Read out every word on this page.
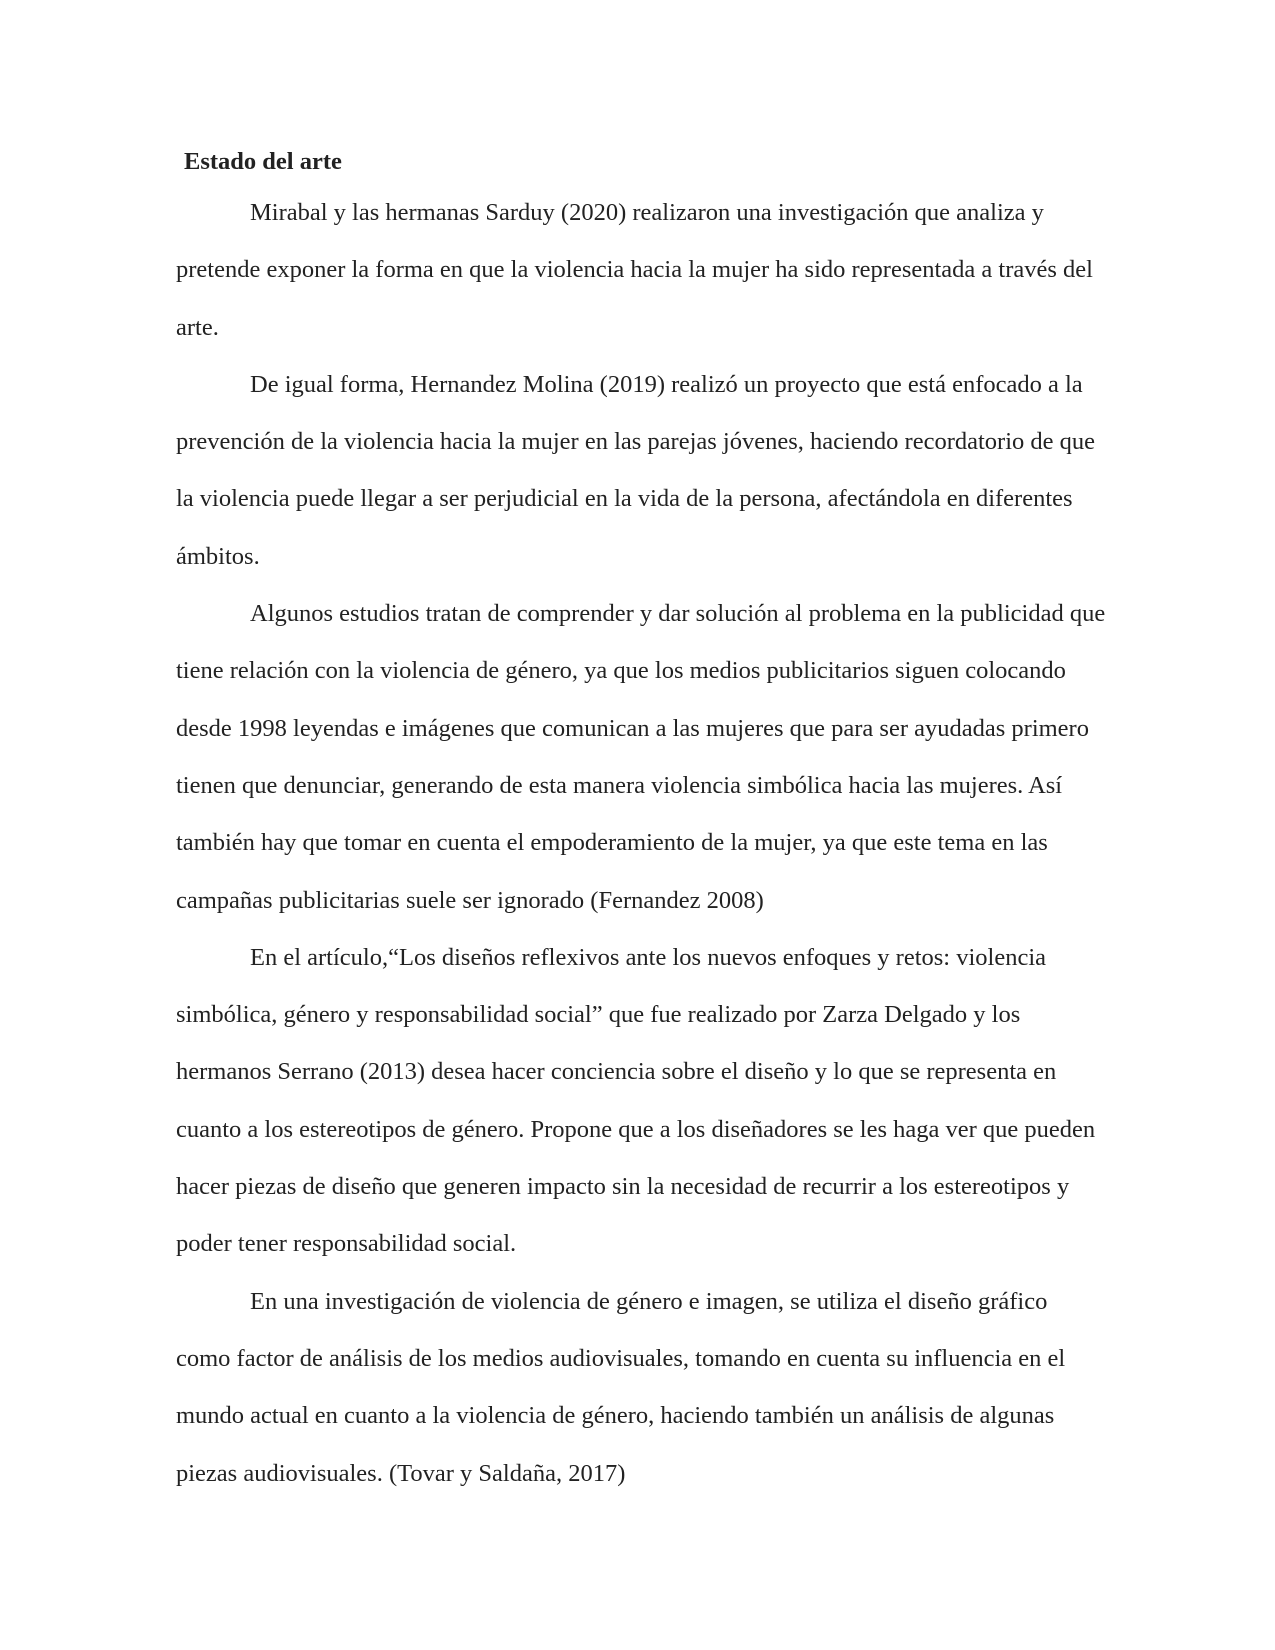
Estado del arte

Mirabal y las hermanas Sarduy (2020) realizaron una investigación que analiza y pretende exponer la forma en que la violencia hacia la mujer ha sido representada a través del arte.

De igual forma, Hernandez Molina (2019) realizó un proyecto que está enfocado a la prevención de la violencia hacia la mujer en las parejas jóvenes, haciendo recordatorio de que la violencia puede llegar a ser perjudicial en la vida de la persona, afectándola en diferentes ámbitos.

Algunos estudios tratan de comprender y dar solución al problema en la publicidad que tiene relación con la violencia de género, ya que los medios publicitarios siguen colocando desde 1998 leyendas e imágenes que comunican a las mujeres que para ser ayudadas primero tienen que denunciar, generando de esta manera violencia simbólica hacia las mujeres. Así también hay que tomar en cuenta el empoderamiento de la mujer, ya que este tema en las campañas publicitarias suele ser ignorado (Fernandez 2008)

En el artículo,“Los diseños reflexivos ante los nuevos enfoques y retos: violencia simbólica, género y responsabilidad social” que fue realizado por Zarza Delgado y los hermanos Serrano (2013) desea hacer conciencia sobre el diseño y lo que se representa en cuanto a los estereotipos de género. Propone que a los diseñadores se les haga ver que pueden hacer piezas de diseño que generen impacto sin la necesidad de recurrir a los estereotipos y poder tener responsabilidad social.

En una investigación de violencia de género e imagen, se utiliza el diseño gráfico como factor de análisis de los medios audiovisuales, tomando en cuenta su influencia en el mundo actual en cuanto a la violencia de género, haciendo también un análisis de algunas piezas audiovisuales. (Tovar y Saldaña, 2017)
